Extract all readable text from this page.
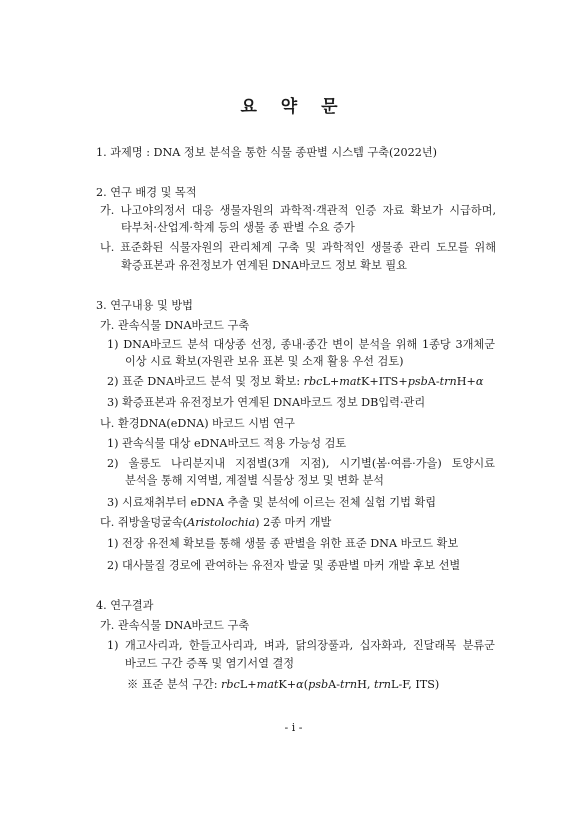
요 약 문
1. 과제명 : DNA 정보 분석을 통한 식물 종판별 시스템 구축(2022년)
2. 연구 배경 및 목적
가. 나고야의정서 대응 생물자원의 과학적·객관적 인증 자료 확보가 시급하며,
타부처·산업계·학계 등의 생물 종 판별 수요 증가
나. 표준화된 식물자원의 관리체계 구축 및 과학적인 생물종 관리 도모를 위해
확증표본과 유전정보가 연계된 DNA바코드 정보 확보 필요
3. 연구내용 및 방법
가. 관속식물 DNA바코드 구축
1) DNA바코드 분석 대상종 선정, 종내·종간 변이 분석을 위해 1종당 3개체군
이상 시료 확보(자원관 보유 표본 및 소재 활용 우선 검토)
2) 표준 DNA바코드 분석 및 정보 확보: rbcL+matK+ITS+psbA-trnH+α
3) 확증표본과 유전정보가 연계된 DNA바코드 정보 DB입력·관리
나. 환경DNA(eDNA) 바코드 시범 연구
1) 관속식물 대상 eDNA바코드 적용 가능성 검토
2) 울릉도 나리분지내 지점별(3개 지점), 시기별(봄·여름·가을) 토양시료
분석을 통해 지역별, 계절별 식물상 정보 및 변화 분석
3) 시료채취부터 eDNA 추출 및 분석에 이르는 전체 실험 기법 확립
다. 쥐방울덩굴속(Aristolochia) 2종 마커 개발
1) 전장 유전체 확보를 통해 생물 종 판별을 위한 표준 DNA 바코드 확보
2) 대사물질 경로에 관여하는 유전자 발굴 및 종판별 마커 개발 후보 선별
4. 연구결과
가. 관속식물 DNA바코드 구축
1) 개고사리과, 한들고사리과, 벼과, 닭의장풀과, 십자화과, 진달래목 분류군
바코드 구간 증폭 및 염기서열 결정
※ 표준 분석 구간: rbcL+matK+α(psbA-trnH, trnL-F, ITS)
- i -
